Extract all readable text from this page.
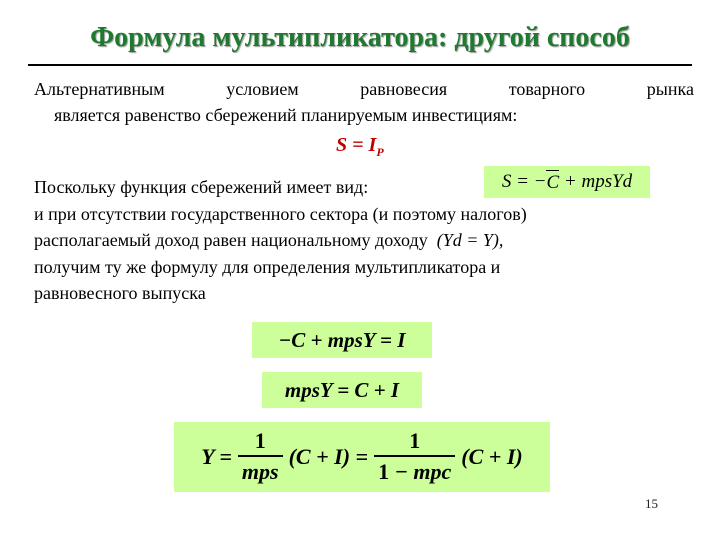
Формула мультипликатора: другой способ
Альтернативным	условием	равновесия	товарного	рынка
является равенство сбережений планируемым инвестициям:
$S = I_P$
Поскольку функция сбережений имеет вид:
и при отсутствии государственного сектора (и поэтому налогов)
располагаемый доход равен национальному доходу (Yd = Y),
получим ту же формулу для определения мультипликатора и
равновесного выпуска
S = − C + mpsYd
−C + mpsY = I
mpsY = C + I
$Y = \frac{1}{\text{mps}} (C + I) = \frac{1}{\text{1 − mpc}} (C + I)$
15
